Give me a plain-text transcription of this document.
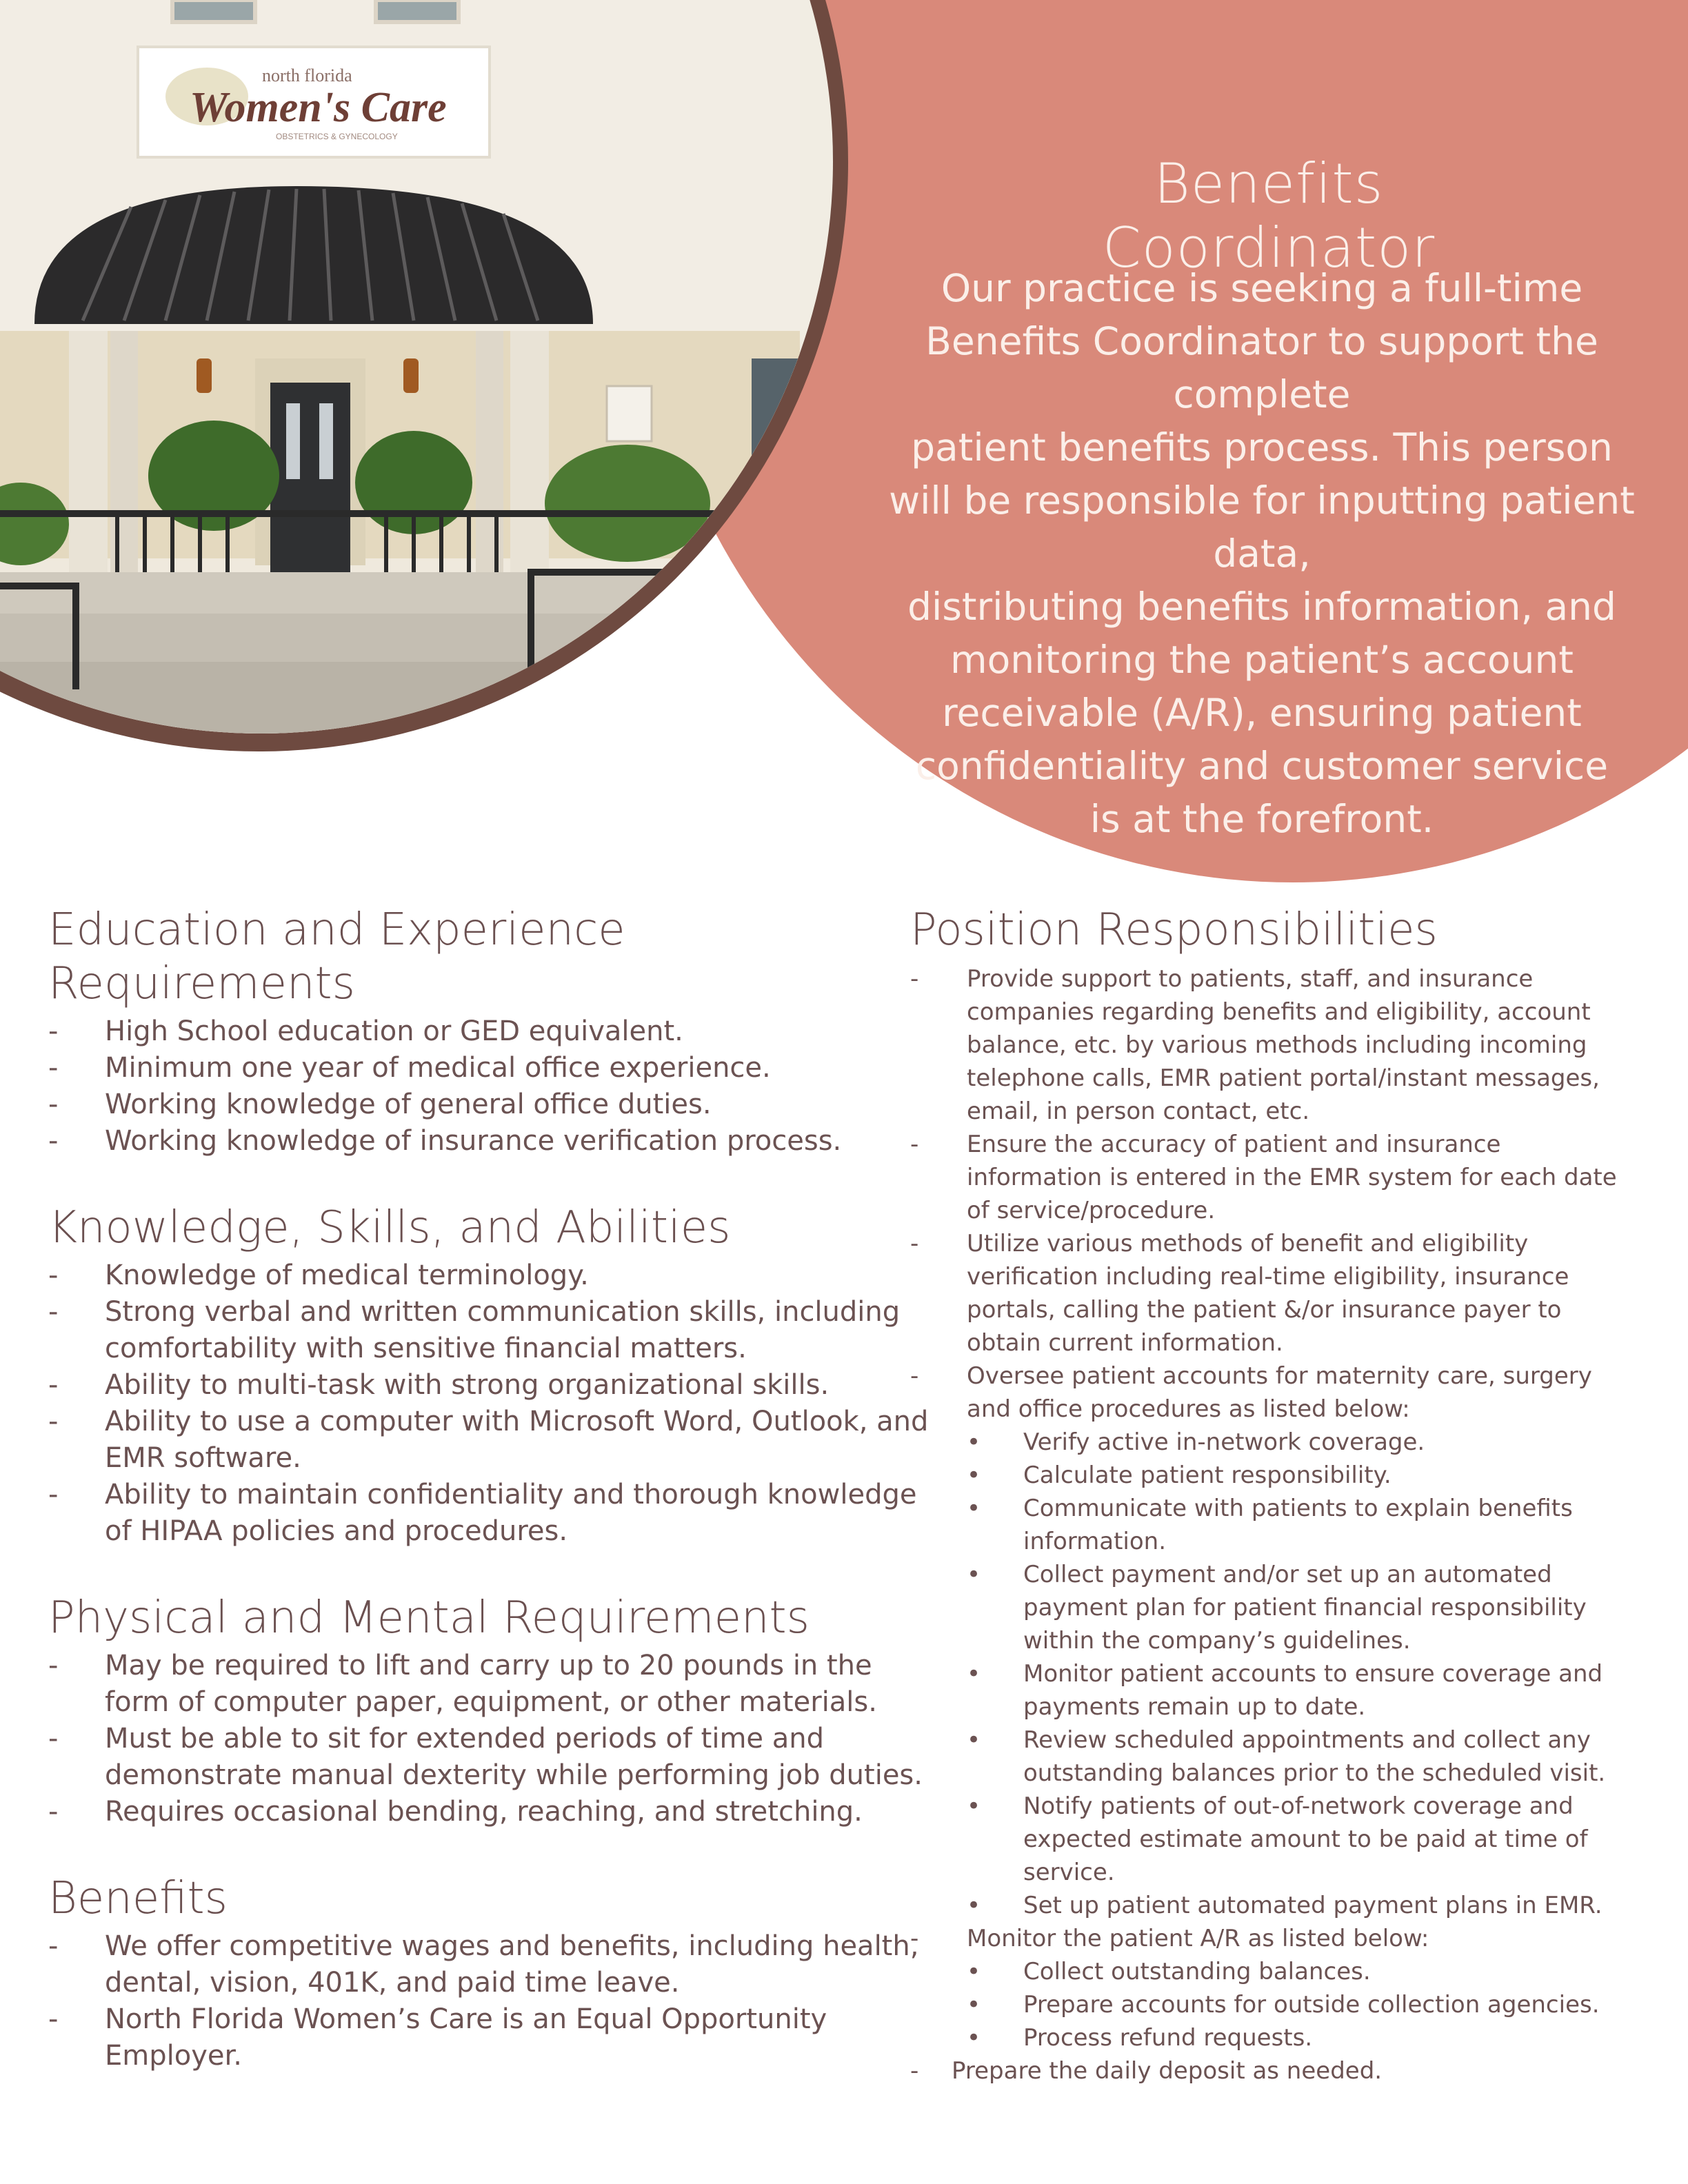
north florida
Women's Care
OBSTETRICS & GYNECOLOGY
Benefits Coordinator
Our practice is seeking a full-time
Benefits Coordinator to support the complete
patient benefits process. This person
will be responsible for inputting patient data,
distributing benefits information, and
monitoring the patient’s account
receivable (A/R), ensuring patient
confidentiality and customer service
is at the forefront.
Education and Experience Requirements
- High School education or GED equivalent.
- Minimum one year of medical office experience.
- Working knowledge of general office duties.
- Working knowledge of insurance verification process.
Knowledge, Skills, and Abilities
- Knowledge of medical terminology.
- Strong verbal and written communication skills, including comfortability with sensitive financial matters.
- Ability to multi-task with strong organizational skills.
- Ability to use a computer with Microsoft Word, Outlook, and EMR software.
- Ability to maintain confidentiality and thorough knowledge of HIPAA policies and procedures.
Physical and Mental Requirements
- May be required to lift and carry up to 20 pounds in the form of computer paper, equipment, or other materials.
- Must be able to sit for extended periods of time and demonstrate manual dexterity while performing job duties.
- Requires occasional bending, reaching, and stretching.
Benefits
- We offer competitive wages and benefits, including health, dental, vision, 401K, and paid time leave.
- North Florida Women’s Care is an Equal Opportunity Employer.
Position Responsibilities
- Provide support to patients, staff, and insurance companies regarding benefits and eligibility, account balance, etc. by various methods including incoming telephone calls, EMR patient portal/instant messages, email, in person contact, etc.
- Ensure the accuracy of patient and insurance information is entered in the EMR system for each date of service/procedure.
- Utilize various methods of benefit and eligibility verification including real-time eligibility, insurance portals, calling the patient &/or insurance payer to obtain current information.
- Oversee patient accounts for maternity care, surgery and office procedures as listed below:
• Verify active in-network coverage.
• Calculate patient responsibility.
• Communicate with patients to explain benefits information.
• Collect payment and/or set up an automated payment plan for patient financial responsibility within the company’s guidelines.
• Monitor patient accounts to ensure coverage and payments remain up to date.
• Review scheduled appointments and collect any outstanding balances prior to the scheduled visit.
• Notify patients of out-of-network coverage and expected estimate amount to be paid at time of service.
• Set up patient automated payment plans in EMR.
- Monitor the patient A/R as listed below:
• Collect outstanding balances.
• Prepare accounts for outside collection agencies.
• Process refund requests.
- Prepare the daily deposit as needed.
